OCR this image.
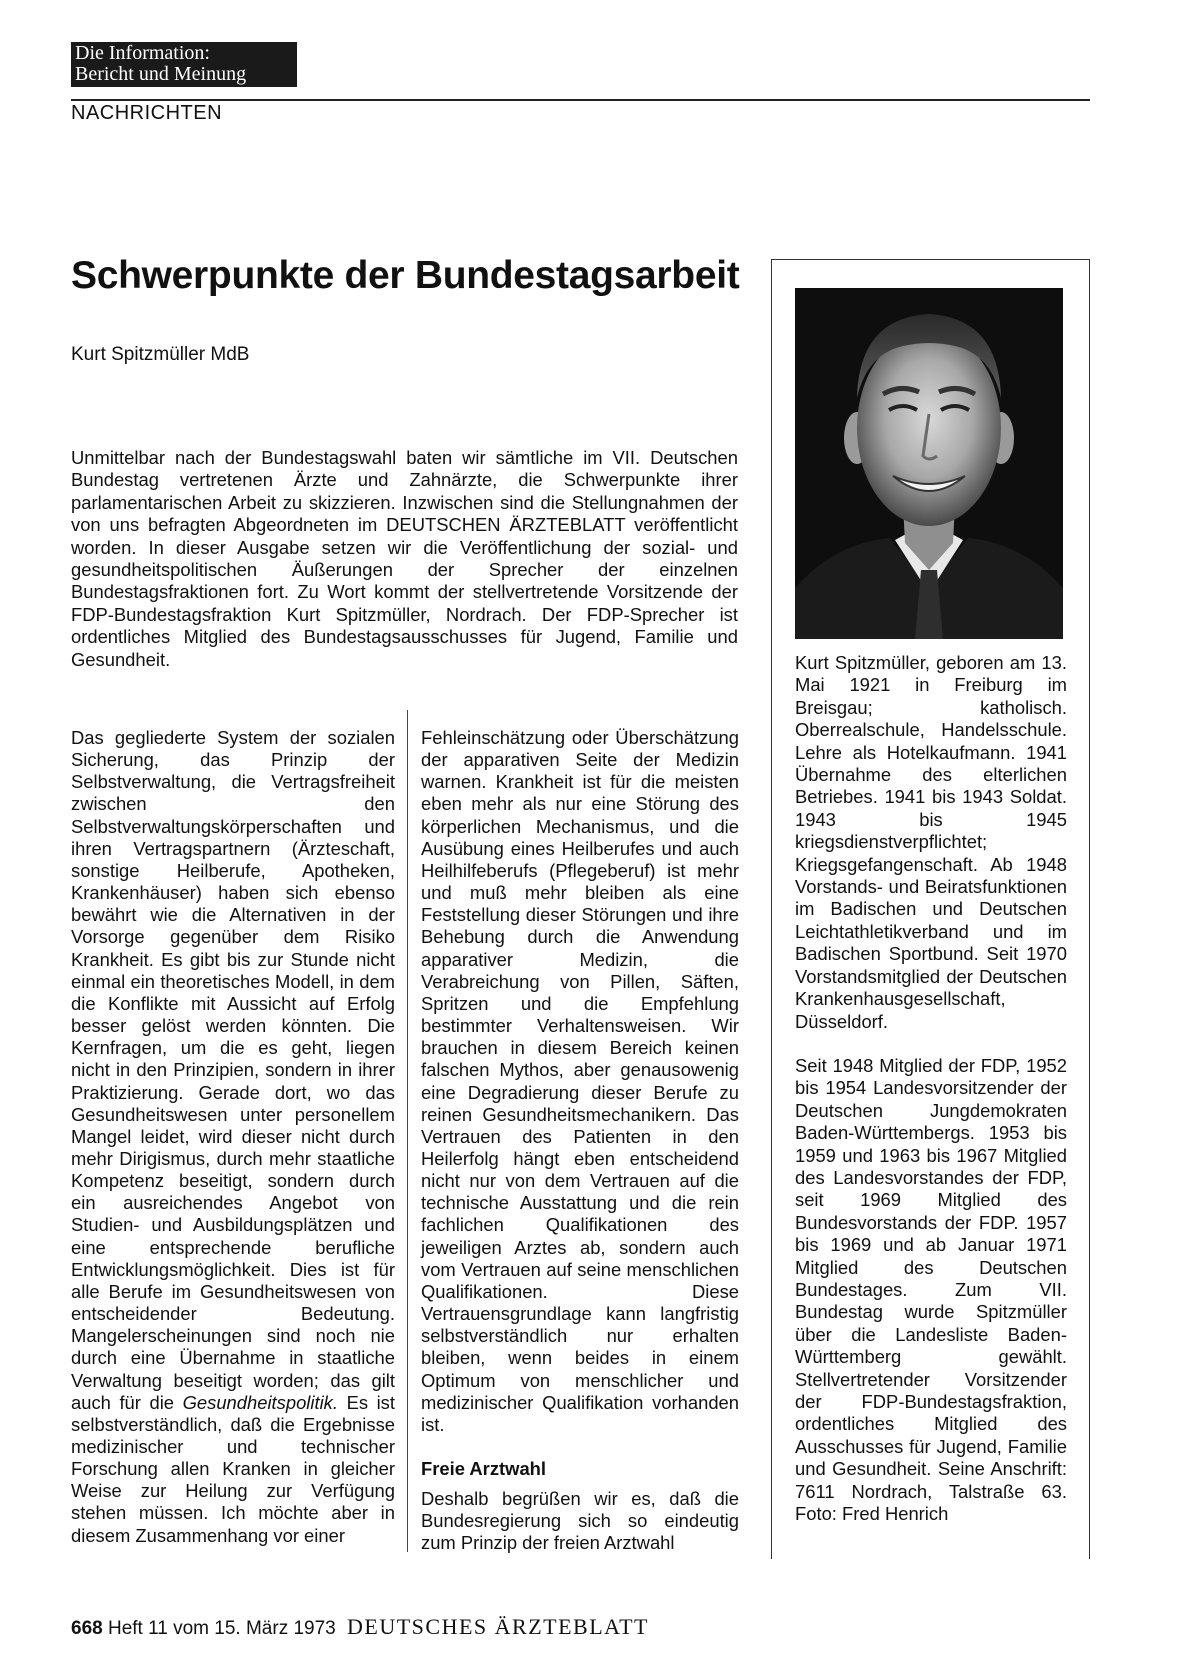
Die Information:
Bericht und Meinung
NACHRICHTEN
Schwerpunkte der Bundestagsarbeit
Kurt Spitzmüller MdB

Unmittelbar nach der Bundestagswahl baten wir sämtliche im VII. Deutschen Bundestag vertretenen Ärzte und Zahnärzte, die Schwerpunkte ihrer parlamentarischen Arbeit zu skizzieren. Inzwischen sind die Stellungnahmen der von uns befragten Abgeordneten im DEUTSCHEN ÄRZTEBLATT veröffentlicht worden. In dieser Ausgabe setzen wir die Veröffentlichung der sozial- und gesundheitspolitischen Äußerungen der Sprecher der einzelnen Bundestagsfraktionen fort. Zu Wort kommt der stellvertretende Vorsitzende der FDP-Bundestagsfraktion Kurt Spitzmüller, Nordrach. Der FDP-Sprecher ist ordentliches Mitglied des Bundestagsausschusses für Jugend, Familie und Gesundheit.

Das gegliederte System der sozialen Sicherung, das Prinzip der Selbstverwaltung, die Vertragsfreiheit zwischen den Selbstverwaltungskörperschaften und ihren Vertragspartnern (Ärzteschaft, sonstige Heilberufe, Apotheken, Krankenhäuser) haben sich ebenso bewährt wie die Alternativen in der Vorsorge gegenüber dem Risiko Krankheit. Es gibt bis zur Stunde nicht einmal ein theoretisches Modell, in dem die Konflikte mit Aussicht auf Erfolg besser gelöst werden könnten. Die Kernfragen, um die es geht, liegen nicht in den Prinzipien, sondern in ihrer Praktizierung. Gerade dort, wo das Gesundheitswesen unter personellem Mangel leidet, wird dieser nicht durch mehr Dirigismus, durch mehr staatliche Kompetenz beseitigt, sondern durch ein ausreichendes Angebot von Studien- und Ausbildungsplätzen und eine entsprechende berufliche Entwicklungsmöglichkeit. Dies ist für alle Berufe im Gesundheitswesen von entscheidender Bedeutung. Mangelerscheinungen sind noch nie durch eine Übernahme in staatliche Verwaltung beseitigt worden; das gilt auch für die Gesundheitspolitik. Es ist selbstverständlich, daß die Ergebnisse medizinischer und technischer Forschung allen Kranken in gleicher Weise zur Heilung zur Verfügung stehen müssen. Ich möchte aber in diesem Zusammenhang vor einer

Fehleinschätzung oder Überschätzung der apparativen Seite der Medizin warnen. Krankheit ist für die meisten eben mehr als nur eine Störung des körperlichen Mechanismus, und die Ausübung eines Heilberufes und auch Heilhilfeberufs (Pflegeberuf) ist mehr und muß mehr bleiben als eine Feststellung dieser Störungen und ihre Behebung durch die Anwendung apparativer Medizin, die Verabreichung von Pillen, Säften, Spritzen und die Empfehlung bestimmter Verhaltensweisen. Wir brauchen in diesem Bereich keinen falschen Mythos, aber genausowenig eine Degradierung dieser Berufe zu reinen Gesundheitsmechanikern. Das Vertrauen des Patienten in den Heilerfolg hängt eben entscheidend nicht nur von dem Vertrauen auf die technische Ausstattung und die rein fachlichen Qualifikationen des jeweiligen Arztes ab, sondern auch vom Vertrauen auf seine menschlichen Qualifikationen. Diese Vertrauensgrundlage kann langfristig selbstverständlich nur erhalten bleiben, wenn beides in einem Optimum von menschlicher und medizinischer Qualifikation vorhanden ist.

Freie Arztwahl

Deshalb begrüßen wir es, daß die Bundesregierung sich so eindeutig zum Prinzip der freien Arztwahl

Kurt Spitzmüller, geboren am 13. Mai 1921 in Freiburg im Breisgau; katholisch. Oberrealschule, Handelsschule. Lehre als Hotelkaufmann. 1941 Übernahme des elterlichen Betriebes. 1941 bis 1943 Soldat. 1943 bis 1945 kriegsdienstverpflichtet; Kriegsgefangenschaft. Ab 1948 Vorstands- und Beiratsfunktionen im Badischen und Deutschen Leichtathletikverband und im Badischen Sportbund. Seit 1970 Vorstandsmitglied der Deutschen Krankenhausgesellschaft, Düsseldorf.

Seit 1948 Mitglied der FDP, 1952 bis 1954 Landesvorsitzender der Deutschen Jungdemokraten Baden-Württembergs. 1953 bis 1959 und 1963 bis 1967 Mitglied des Landesvorstandes der FDP, seit 1969 Mitglied des Bundesvorstands der FDP. 1957 bis 1969 und ab Januar 1971 Mitglied des Deutschen Bundestages. Zum VII. Bundestag wurde Spitzmüller über die Landesliste Baden-Württemberg gewählt. Stellvertretender Vorsitzender der FDP-Bundestagsfraktion, ordentliches Mitglied des Ausschusses für Jugend, Familie und Gesundheit. Seine Anschrift: 7611 Nordrach, Talstraße 63. Foto: Fred Henrich

668 Heft 11 vom 15. März 1973 DEUTSCHES ÄRZTEBLATT
